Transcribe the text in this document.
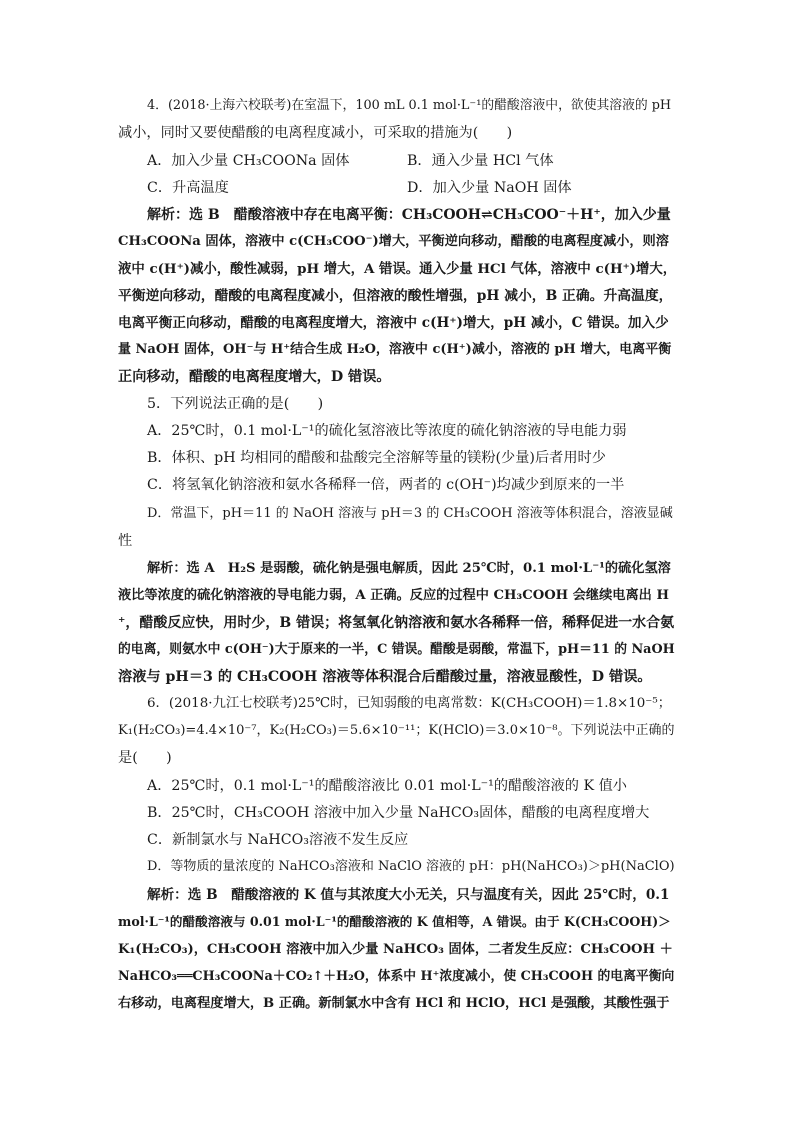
4．(2018·上海六校联考)在室温下，100 mL 0.1 mol·L⁻¹的醋酸溶液中，欲使其溶液的 pH
减小，同时又要使醋酸的电离程度减小，可采取的措施为(　　)
A．加入少量 CH₃COONa 固体	B．通入少量 HCl 气体
C．升高温度	D．加入少量 NaOH 固体
解析：选 B　醋酸溶液中存在电离平衡：CH₃COOH⇌CH₃COO⁻＋H⁺，加入少量
CH₃COONa 固体，溶液中 c(CH₃COO⁻)增大，平衡逆向移动，醋酸的电离程度减小，则溶
液中 c(H⁺)减小，酸性减弱，pH 增大，A 错误。通入少量 HCl 气体，溶液中 c(H⁺)增大，
平衡逆向移动，醋酸的电离程度减小，但溶液的酸性增强，pH 减小，B 正确。升高温度，
电离平衡正向移动，醋酸的电离程度增大，溶液中 c(H⁺)增大，pH 减小，C 错误。加入少
量 NaOH 固体，OH⁻与 H⁺结合生成 H₂O，溶液中 c(H⁺)减小，溶液的 pH 增大，电离平衡
正向移动，醋酸的电离程度增大，D 错误。
5．下列说法正确的是(　　)
A．25℃时，0.1 mol·L⁻¹的硫化氢溶液比等浓度的硫化钠溶液的导电能力弱
B．体积、pH 均相同的醋酸和盐酸完全溶解等量的镁粉(少量)后者用时少
C．将氢氧化钠溶液和氨水各稀释一倍，两者的 c(OH⁻)均减少到原来的一半
D．常温下，pH＝11 的 NaOH 溶液与 pH＝3 的 CH₃COOH 溶液等体积混合，溶液显碱
性
解析：选 A　H₂S 是弱酸，硫化钠是强电解质，因此 25℃时，0.1 mol·L⁻¹的硫化氢溶
液比等浓度的硫化钠溶液的导电能力弱，A 正确。反应的过程中 CH₃COOH 会继续电离出 H
⁺，醋酸反应快，用时少，B 错误；将氢氧化钠溶液和氨水各稀释一倍，稀释促进一水合氨
的电离，则氨水中 c(OH⁻)大于原来的一半，C 错误。醋酸是弱酸，常温下，pH＝11 的 NaOH
溶液与 pH＝3 的 CH₃COOH 溶液等体积混合后醋酸过量，溶液显酸性，D 错误。
6．(2018·九江七校联考)25℃时，已知弱酸的电离常数：K(CH₃COOH)＝1.8×10⁻⁵；
K₁(H₂CO₃)=4.4×10⁻⁷，K₂(H₂CO₃)＝5.6×10⁻¹¹；K(HClO)＝3.0×10⁻⁸。下列说法中正确的
是(　　)
A．25℃时，0.1 mol·L⁻¹的醋酸溶液比 0.01 mol·L⁻¹的醋酸溶液的 K 值小
B．25℃时，CH₃COOH 溶液中加入少量 NaHCO₃固体，醋酸的电离程度增大
C．新制氯水与 NaHCO₃溶液不发生反应
D．等物质的量浓度的 NaHCO₃溶液和 NaClO 溶液的 pH：pH(NaHCO₃)＞pH(NaClO)
解析：选 B　醋酸溶液的 K 值与其浓度大小无关，只与温度有关，因此 25℃时，0.1
mol·L⁻¹的醋酸溶液与 0.01 mol·L⁻¹的醋酸溶液的 K 值相等，A 错误。由于 K(CH₃COOH)＞
K₁(H₂CO₃)，CH₃COOH 溶液中加入少量 NaHCO₃ 固体，二者发生反应：CH₃COOH ＋
NaHCO₃══CH₃COONa＋CO₂↑＋H₂O，体系中 H⁺浓度减小，使 CH₃COOH 的电离平衡向
右移动，电离程度增大，B 正确。新制氯水中含有 HCl 和 HClO，HCl 是强酸，其酸性强于
